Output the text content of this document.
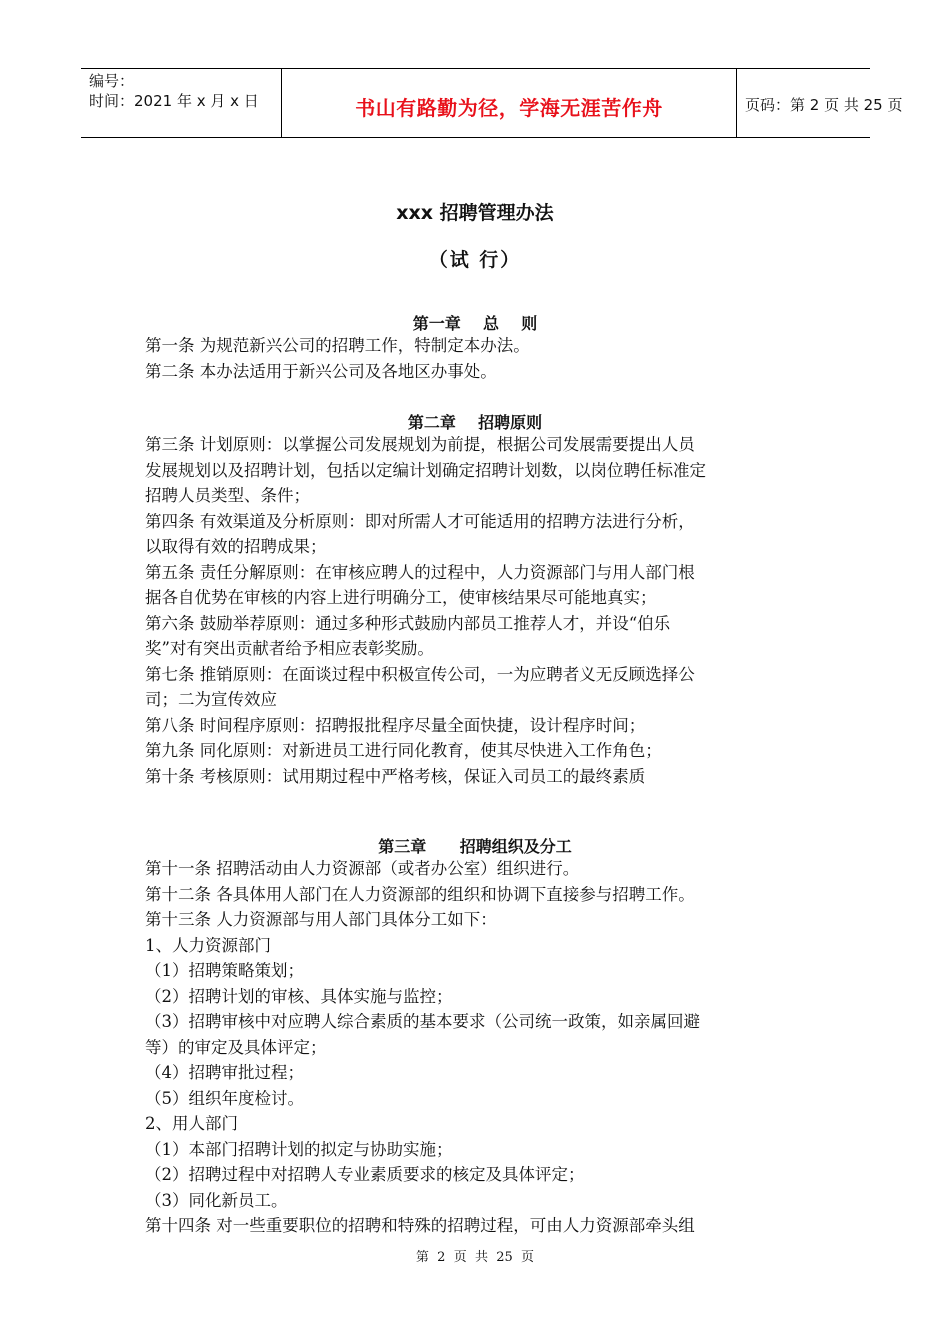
编号：
时间：2021 年 x 月 x 日	书山有路勤为径，学海无涯苦作舟	页码：第 2 页 共 25 页
xxx 招聘管理办法
（试 行）
第一章    总    则

第一条 为规范新兴公司的招聘工作，特制定本办法。

第二条 本办法适用于新兴公司及各地区办事处。

第二章    招聘原则

第三条 计划原则：以掌握公司发展规划为前提，根据公司发展需要提出人员

发展规划以及招聘计划，包括以定编计划确定招聘计划数，以岗位聘任标准定

招聘人员类型、条件；

第四条 有效渠道及分析原则：即对所需人才可能适用的招聘方法进行分析，

以取得有效的招聘成果；

第五条 责任分解原则：在审核应聘人的过程中，人力资源部门与用人部门根

据各自优势在审核的内容上进行明确分工，使审核结果尽可能地真实；

第六条 鼓励举荐原则：通过多种形式鼓励内部员工推荐人才，并设“伯乐

奖”对有突出贡献者给予相应表彰奖励。

第七条 推销原则：在面谈过程中积极宣传公司，一为应聘者义无反顾选择公

司；二为宣传效应

第八条 时间程序原则：招聘报批程序尽量全面快捷，设计程序时间；

第九条 同化原则：对新进员工进行同化教育，使其尽快进入工作角色；

第十条 考核原则：试用期过程中严格考核，保证入司员工的最终素质

第三章      招聘组织及分工

第十一条 招聘活动由人力资源部（或者办公室）组织进行。

第十二条 各具体用人部门在人力资源部的组织和协调下直接参与招聘工作。

第十三条 人力资源部与用人部门具体分工如下：

1、人力资源部门

（1）招聘策略策划；

（2）招聘计划的审核、具体实施与监控；

（3）招聘审核中对应聘人综合素质的基本要求（公司统一政策，如亲属回避

等）的审定及具体评定；

（4）招聘审批过程；

（5）组织年度检讨。

2、用人部门

（1）本部门招聘计划的拟定与协助实施；

（2）招聘过程中对招聘人专业素质要求的核定及具体评定；

（3）同化新员工。

第十四条 对一些重要职位的招聘和特殊的招聘过程，可由人力资源部牵头组

第  2  页  共  25  页
